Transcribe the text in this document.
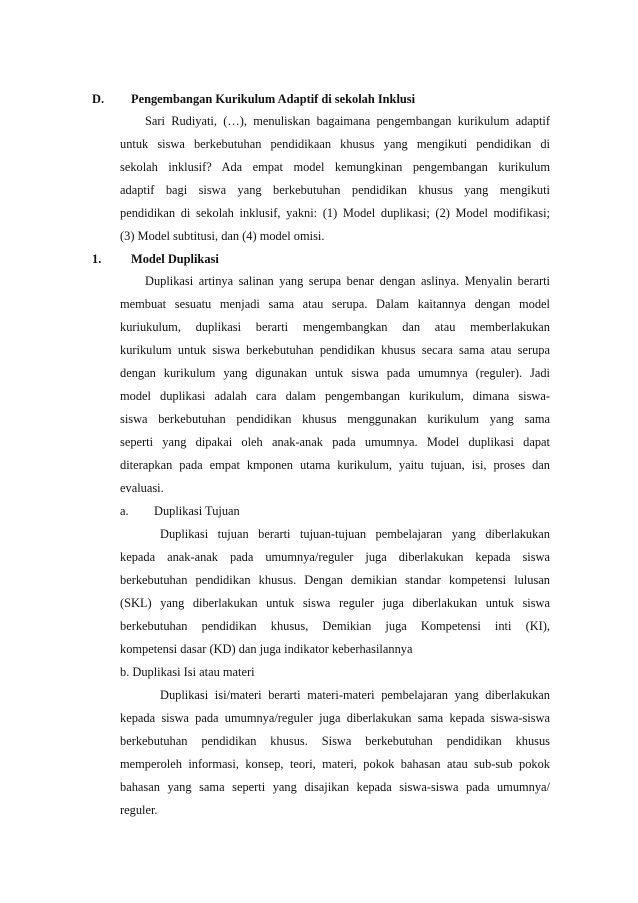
D. Pengembangan Kurikulum Adaptif di sekolah Inklusi
Sari Rudiyati, (…), menuliskan bagaimana pengembangan kurikulum adaptif
untuk siswa berkebutuhan pendidikaan khusus yang mengikuti pendidikan di
sekolah inklusif? Ada empat model kemungkinan pengembangan kurikulum
adaptif bagi siswa yang berkebutuhan pendidikan khusus yang mengikuti
pendidikan di sekolah inklusif, yakni: (1) Model duplikasi; (2) Model modifikasi;
(3) Model subtitusi, dan (4) model omisi.
1. Model Duplikasi
Duplikasi artinya salinan yang serupa benar dengan aslinya. Menyalin berarti
membuat sesuatu menjadi sama atau serupa. Dalam kaitannya dengan model
kuriukulum, duplikasi berarti mengembangkan dan atau memberlakukan
kurikulum untuk siswa berkebutuhan pendidikan khusus secara sama atau serupa
dengan kurikulum yang digunakan untuk siswa pada umumnya (reguler). Jadi
model duplikasi adalah cara dalam pengembangan kurikulum, dimana siswa-
siswa berkebutuhan pendidikan khusus menggunakan kurikulum yang sama
seperti yang dipakai oleh anak-anak pada umumnya. Model duplikasi dapat
diterapkan pada empat kmponen utama kurikulum, yaitu tujuan, isi, proses dan
evaluasi.
a. Duplikasi Tujuan
Duplikasi tujuan berarti tujuan-tujuan pembelajaran yang diberlakukan
kepada anak-anak pada umumnya/reguler juga diberlakukan kepada siswa
berkebutuhan pendidikan khusus. Dengan demikian standar kompetensi lulusan
(SKL) yang diberlakukan untuk siswa reguler juga diberlakukan untuk siswa
berkebutuhan pendidikan khusus, Demikian juga Kompetensi inti (KI),
kompetensi dasar (KD) dan juga indikator keberhasilannya
b. Duplikasi Isi atau materi
Duplikasi isi/materi berarti materi-materi pembelajaran yang diberlakukan
kepada siswa pada umumnya/reguler juga diberlakukan sama kepada siswa-siswa
berkebutuhan pendidikan khusus. Siswa berkebutuhan pendidikan khusus
memperoleh informasi, konsep, teori, materi, pokok bahasan atau sub-sub pokok
bahasan yang sama seperti yang disajikan kepada siswa-siswa pada umumnya/
reguler.
